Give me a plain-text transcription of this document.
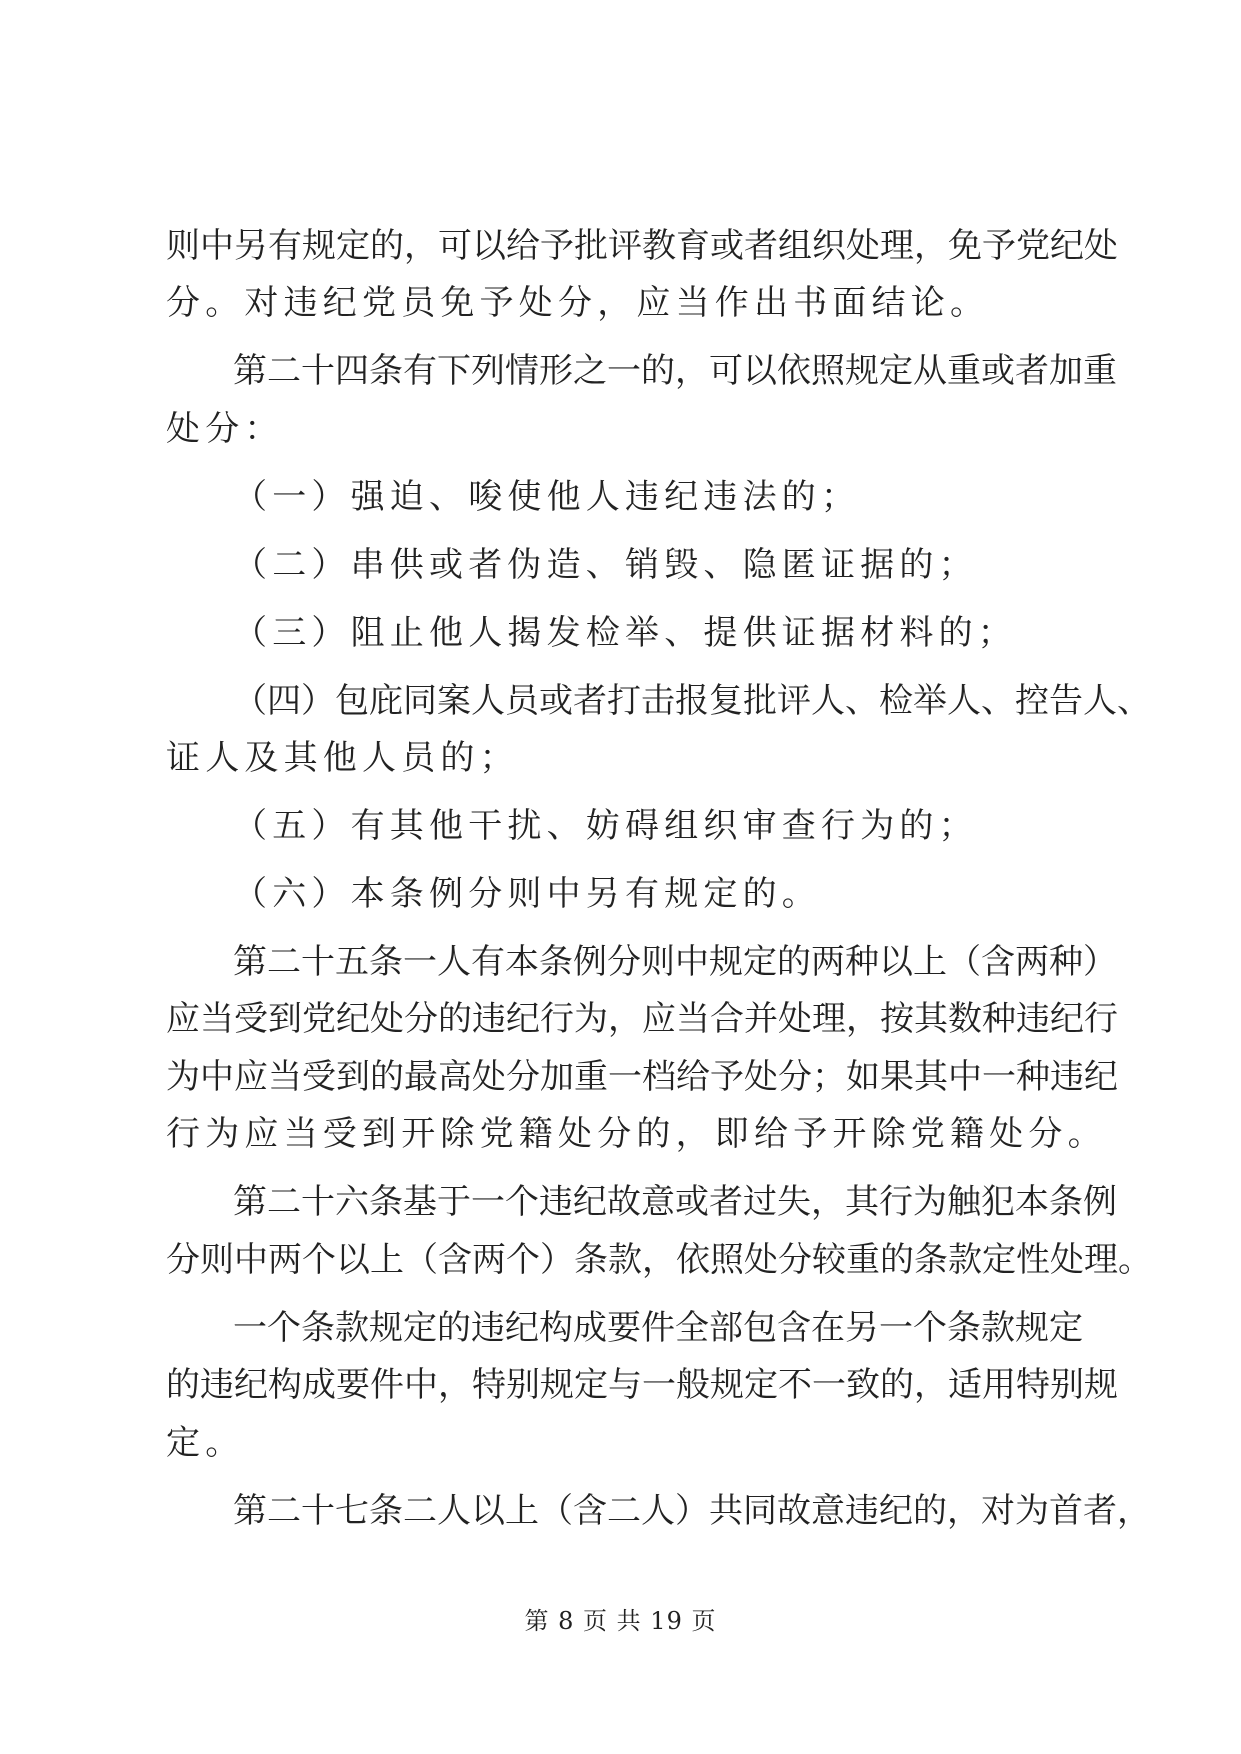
则中另有规定的，可以给予批评教育或者组织处理，免予党纪处
分。对违纪党员免予处分，应当作出书面结论。
第二十四条有下列情形之一的，可以依照规定从重或者加重
处分：
（一）强迫、唆使他人违纪违法的；
（二）串供或者伪造、销毁、隐匿证据的；
（三）阻止他人揭发检举、提供证据材料的；
（四）包庇同案人员或者打击报复批评人、检举人、控告人、
证人及其他人员的；
（五）有其他干扰、妨碍组织审查行为的；
（六）本条例分则中另有规定的。
第二十五条一人有本条例分则中规定的两种以上（含两种）
应当受到党纪处分的违纪行为，应当合并处理，按其数种违纪行
为中应当受到的最高处分加重一档给予处分；如果其中一种违纪
行为应当受到开除党籍处分的，即给予开除党籍处分。
第二十六条基于一个违纪故意或者过失，其行为触犯本条例
分则中两个以上（含两个）条款，依照处分较重的条款定性处理。
一个条款规定的违纪构成要件全部包含在另一个条款规定
的违纪构成要件中，特别规定与一般规定不一致的，适用特别规
定。
第二十七条二人以上（含二人）共同故意违纪的，对为首者，
第 8 页 共 19 页
